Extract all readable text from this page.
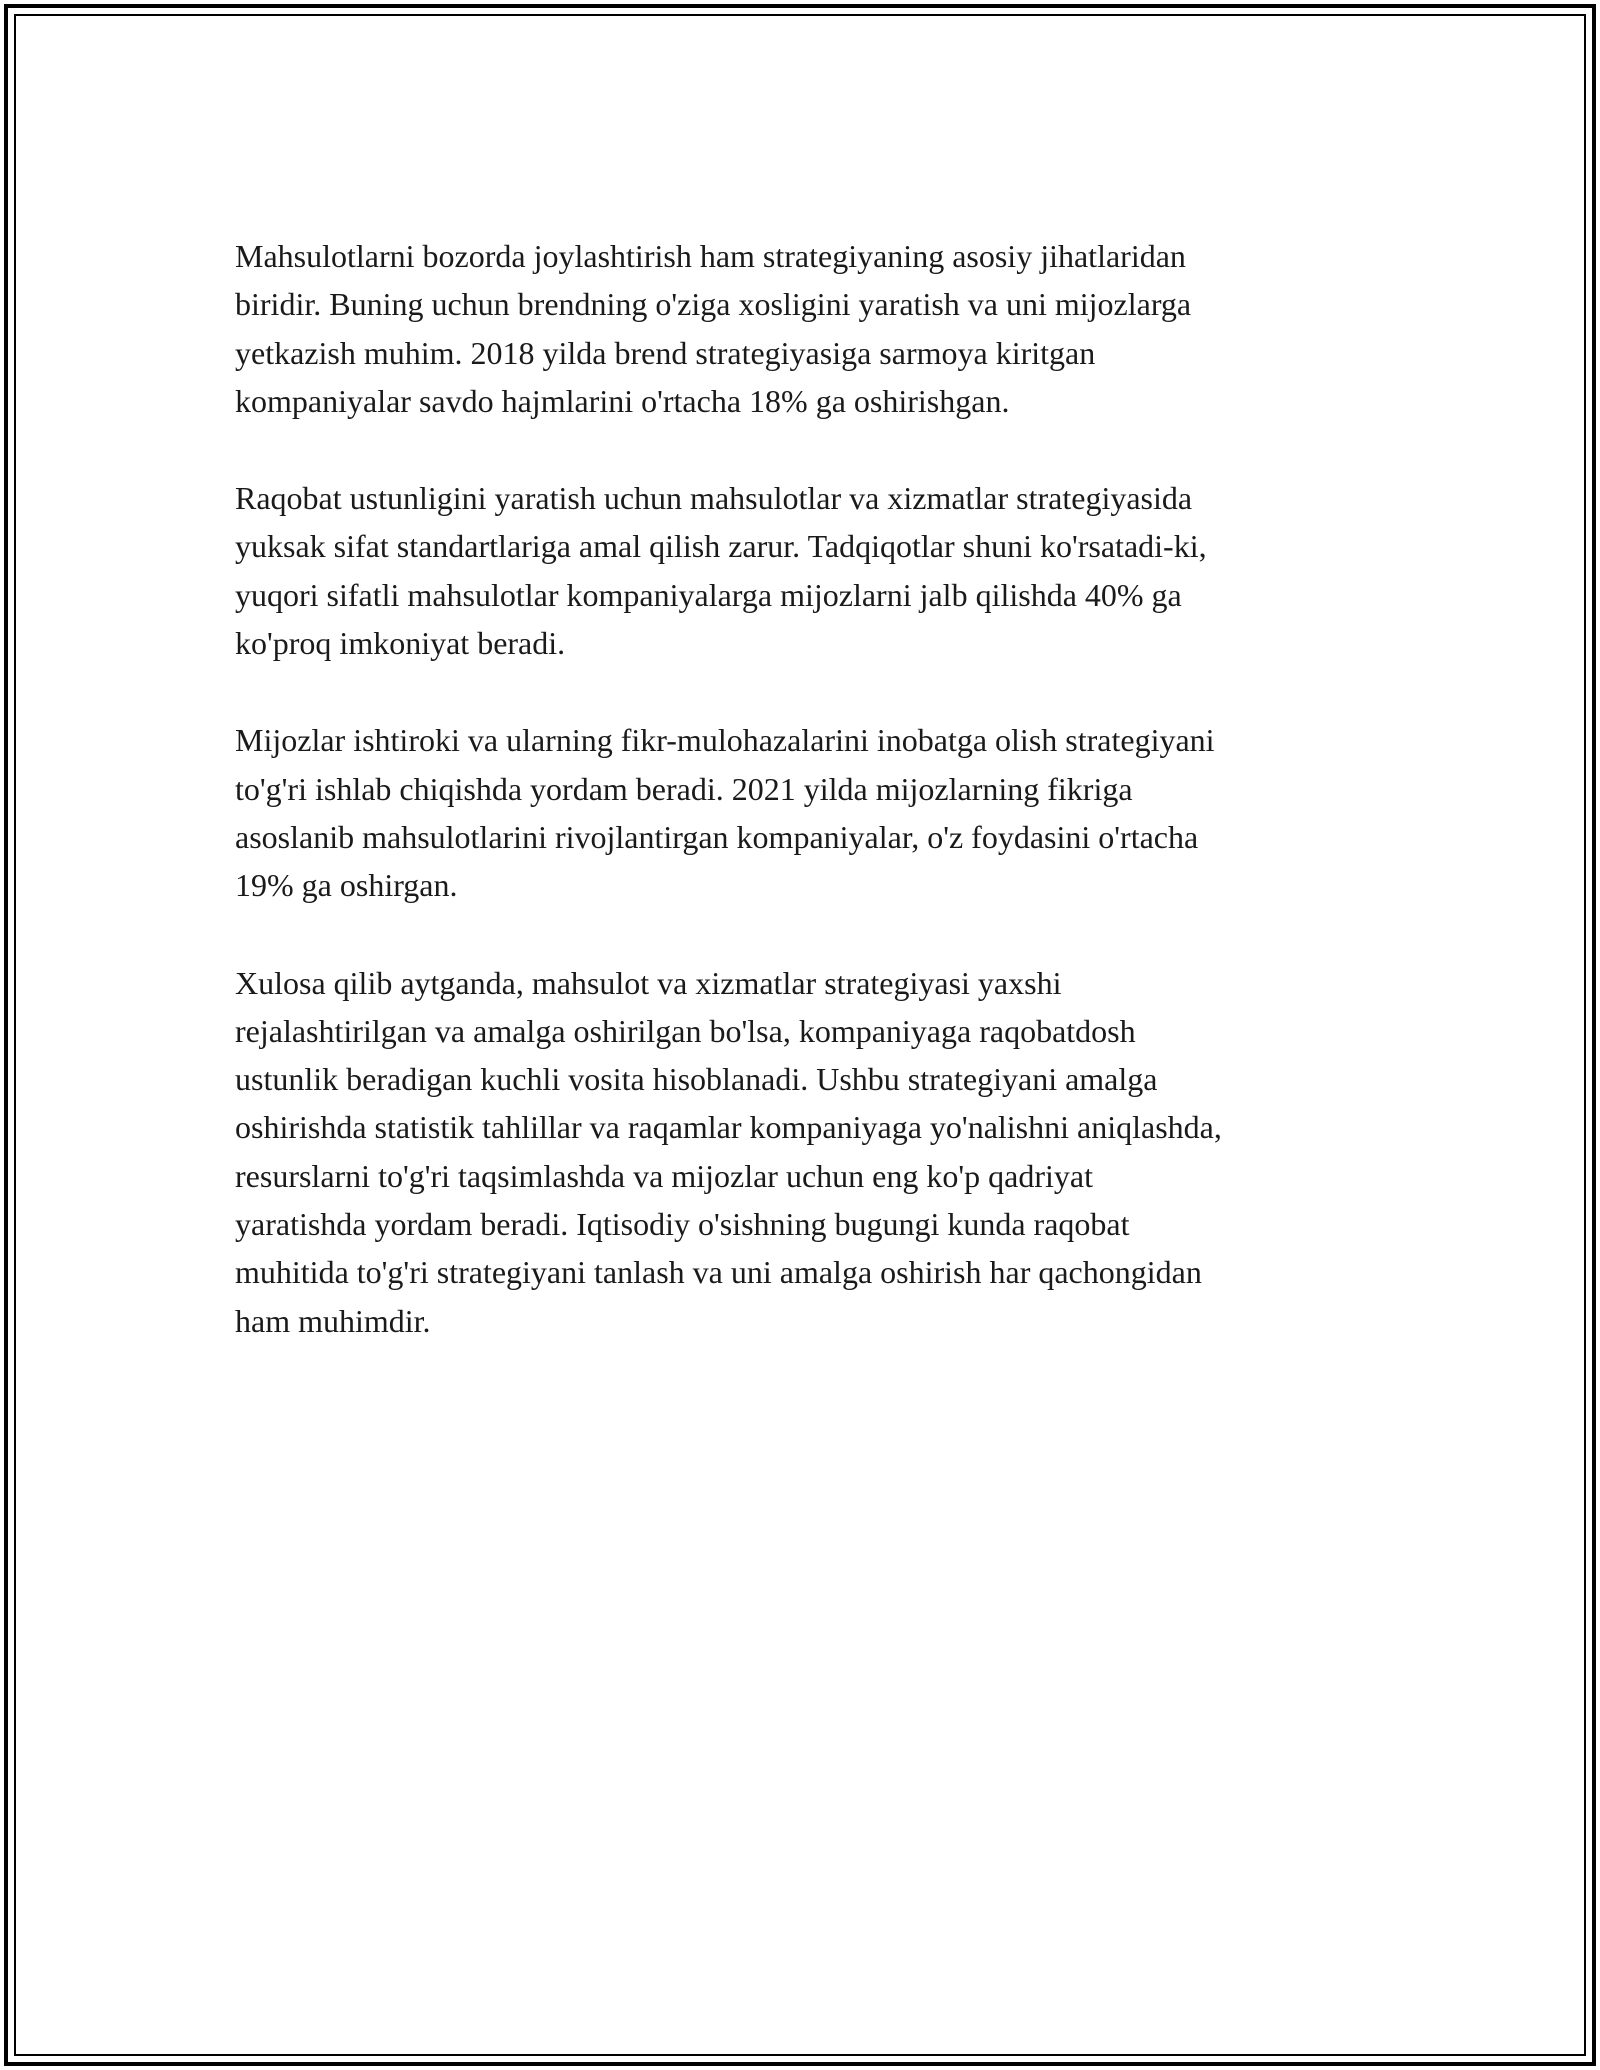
Mahsulotlarni bozorda joylashtirish ham strategiyaning asosiy jihatlaridan
biridir. Buning uchun brendning o'ziga xosligini yaratish va uni mijozlarga
yetkazish muhim. 2018 yilda brend strategiyasiga sarmoya kiritgan
kompaniyalar savdo hajmlarini o'rtacha 18% ga oshirishgan.

Raqobat ustunligini yaratish uchun mahsulotlar va xizmatlar strategiyasida
yuksak sifat standartlariga amal qilish zarur. Tadqiqotlar shuni ko'rsatadi-ki,
yuqori sifatli mahsulotlar kompaniyalarga mijozlarni jalb qilishda 40% ga
ko'proq imkoniyat beradi.

Mijozlar ishtiroki va ularning fikr-mulohazalarini inobatga olish strategiyani
to'g'ri ishlab chiqishda yordam beradi. 2021 yilda mijozlarning fikriga
asoslanib mahsulotlarini rivojlantirgan kompaniyalar, o'z foydasini o'rtacha
19% ga oshirgan.

Xulosa qilib aytganda, mahsulot va xizmatlar strategiyasi yaxshi
rejalashtirilgan va amalga oshirilgan bo'lsa, kompaniyaga raqobatdosh
ustunlik beradigan kuchli vosita hisoblanadi. Ushbu strategiyani amalga
oshirishda statistik tahlillar va raqamlar kompaniyaga yo'nalishni aniqlashda,
resurslarni to'g'ri taqsimlashda va mijozlar uchun eng ko'p qadriyat
yaratishda yordam beradi. Iqtisodiy o'sishning bugungi kunda raqobat
muhitida to'g'ri strategiyani tanlash va uni amalga oshirish har qachongidan
ham muhimdir.
